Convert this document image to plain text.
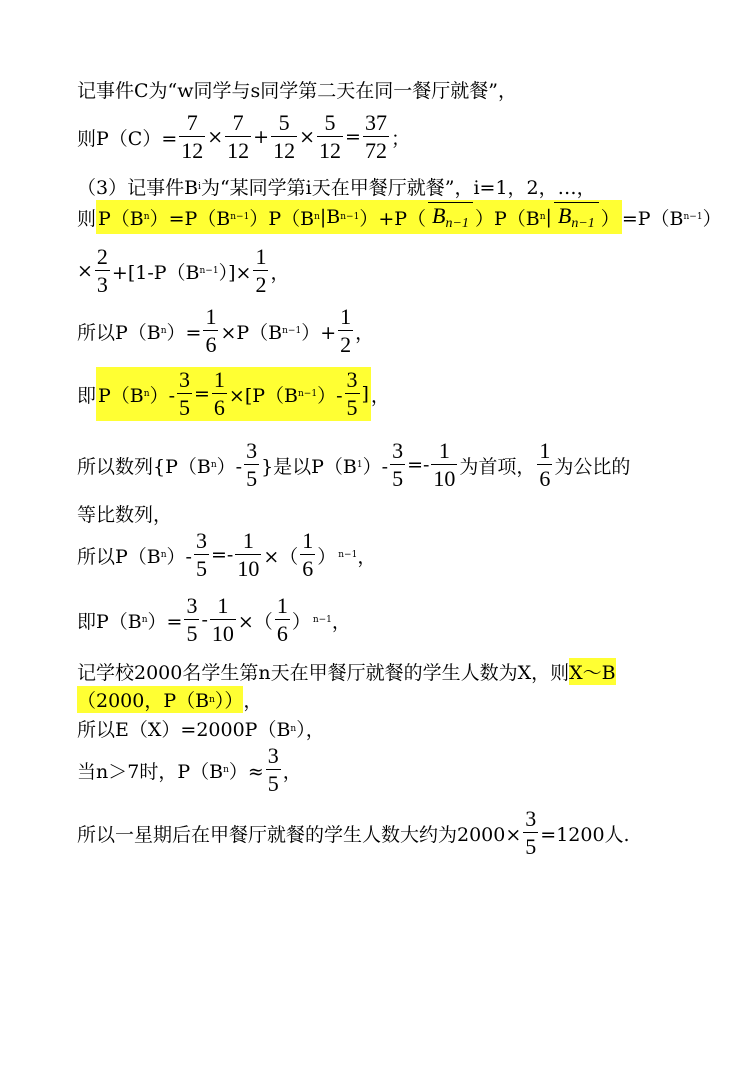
记事件C为“w同学与s同学第二天在同一餐厅就餐”，
则$P(C)= \frac{7}{12} \times \frac{7}{12} + \frac{5}{12} \times \frac{5}{12} = \frac{37}{72}$ ；
（3）记事件B i 为“某同学第i天在甲餐厅就餐”，i=1，2，…，
则 P（B n ）=P（B n−1 ）P（B n |B n−1 ）+P（ Bn−1 ）P（B n | Bn−1 ） =P（B n−1 ）
× $\frac{2}{3} +[1-P(B$ n−1 ）]× $\frac{1}{2}$ ，
所以P（B n ）= $\frac{1}{6} \times P(B$ n−1 ）+ $\frac{1}{2}$ ，
即 P（B n ）- $\frac{3}{5} = \frac{1}{6} \times[P(B$ n−1 ）- $\frac{3}{5}$ ] ，
所以数列{P（B n ）- $\frac{3}{5}$ }是以P（B 1 ）- $\frac{3}{5} =- \frac{1}{10}$ 为首项， $\frac{1}{6}$ 为公比的
等比数列，
所以P（B n ）- $\frac{3}{5} =- \frac{1}{10}$ ×（ $\frac{1}{6}$ ） n−1 ，
即P（B n ）= $\frac{3}{5} - \frac{1}{10}$ ×（ $\frac{1}{6}$ ） n−1 ，
记学校2000名学生第n天在甲餐厅就餐的学生人数为X，则 X～B
（2000，P（B n ）） ，
所以E（X）=2000P（B n ），
当n＞7时，P（B n ）≈ $\frac{3}{5}$ ，
所以一星期后在甲餐厅就餐的学生人数大约为$2000\times \frac{3}{5} =1200$人.
